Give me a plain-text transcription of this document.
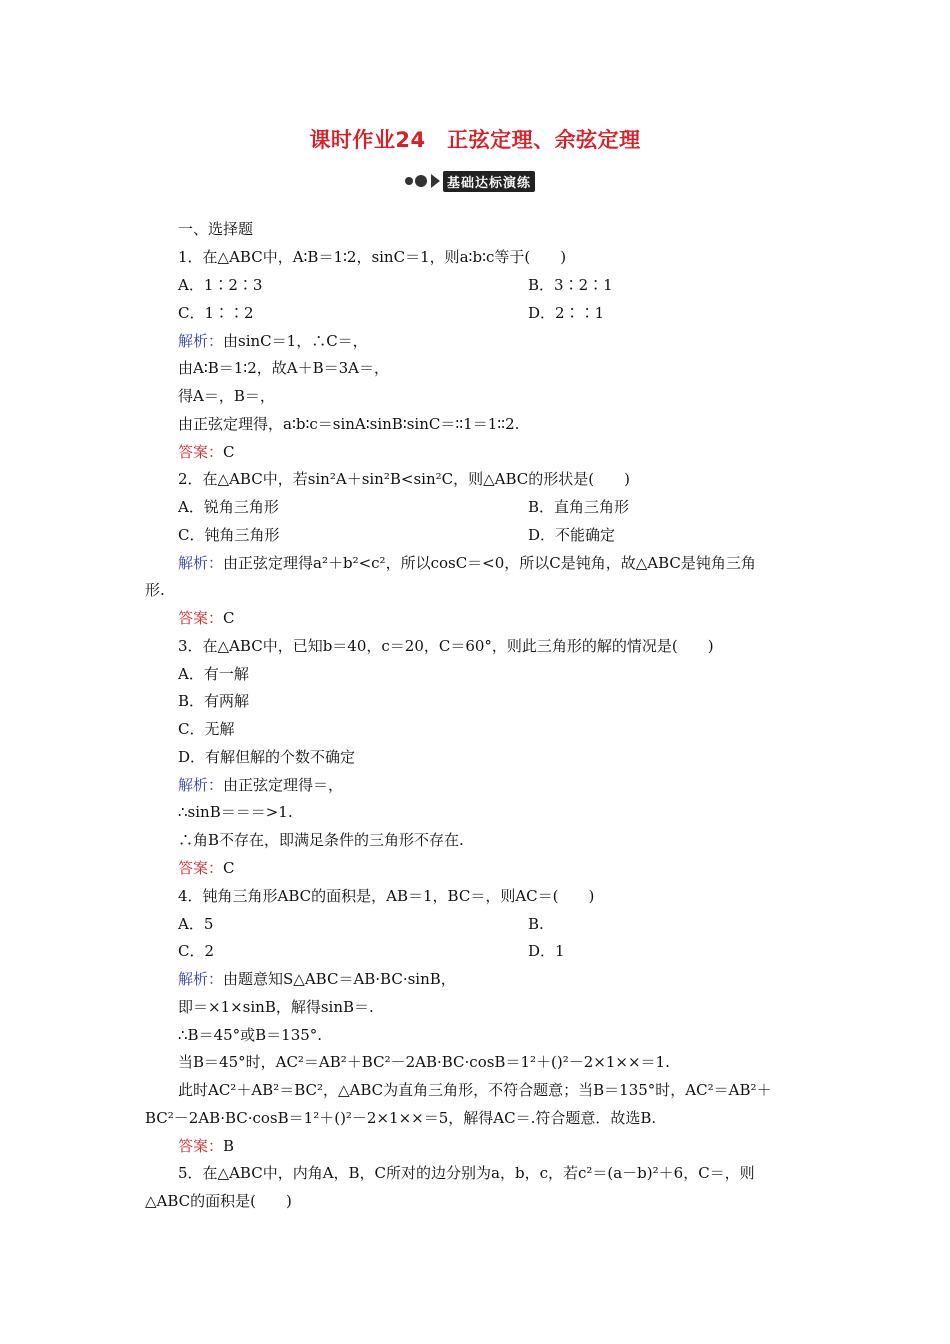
课时作业24　正弦定理、余弦定理
基础达标演练
一、选择题
1．在△ABC中，A∶B＝1∶2，sinC＝1，则a∶b∶c等于(　　)
A．1∶2∶3	B．3∶2∶1
C．1∶∶2	D．2∶∶1
解析：由sinC＝1，∴C＝，
由A∶B＝1∶2，故A＋B＝3A＝，
得A＝，B＝，
由正弦定理得，a∶b∶c＝sinA∶sinB∶sinC＝∶∶1＝1∶∶2.
答案：C
2．在△ABC中，若sin²A＋sin²B<sin²C，则△ABC的形状是(　　)
A．锐角三角形	B．直角三角形
C．钝角三角形	D．不能确定
解析：由正弦定理得a²＋b²<c²，所以cosC＝<0，所以C是钝角，故△ABC是钝角三角
形.
答案：C
3．在△ABC中，已知b＝40，c＝20，C＝60°，则此三角形的解的情况是(　　)
A．有一解
B．有两解
C．无解
D．有解但解的个数不确定
解析：由正弦定理得＝，
∴sinB＝＝＝>1.
∴角B不存在，即满足条件的三角形不存在.
答案：C
4．钝角三角形ABC的面积是，AB＝1，BC＝，则AC＝(　　)
A．5	B.
C．2	D．1
解析：由题意知S△ABC＝AB·BC·sinB，
即＝×1×sinB，解得sinB＝.
∴B＝45°或B＝135°.
当B＝45°时，AC²＝AB²＋BC²－2AB·BC·cosB＝1²＋()²－2×1××＝1.
此时AC²＋AB²＝BC²，△ABC为直角三角形，不符合题意；当B＝135°时，AC²＝AB²＋
BC²－2AB·BC·cosB＝1²＋()²－2×1××＝5，解得AC＝.符合题意．故选B.
答案：B
5．在△ABC中，内角A，B，C所对的边分别为a，b，c，若c²＝(a－b)²＋6，C＝，则
△ABC的面积是(　　)
